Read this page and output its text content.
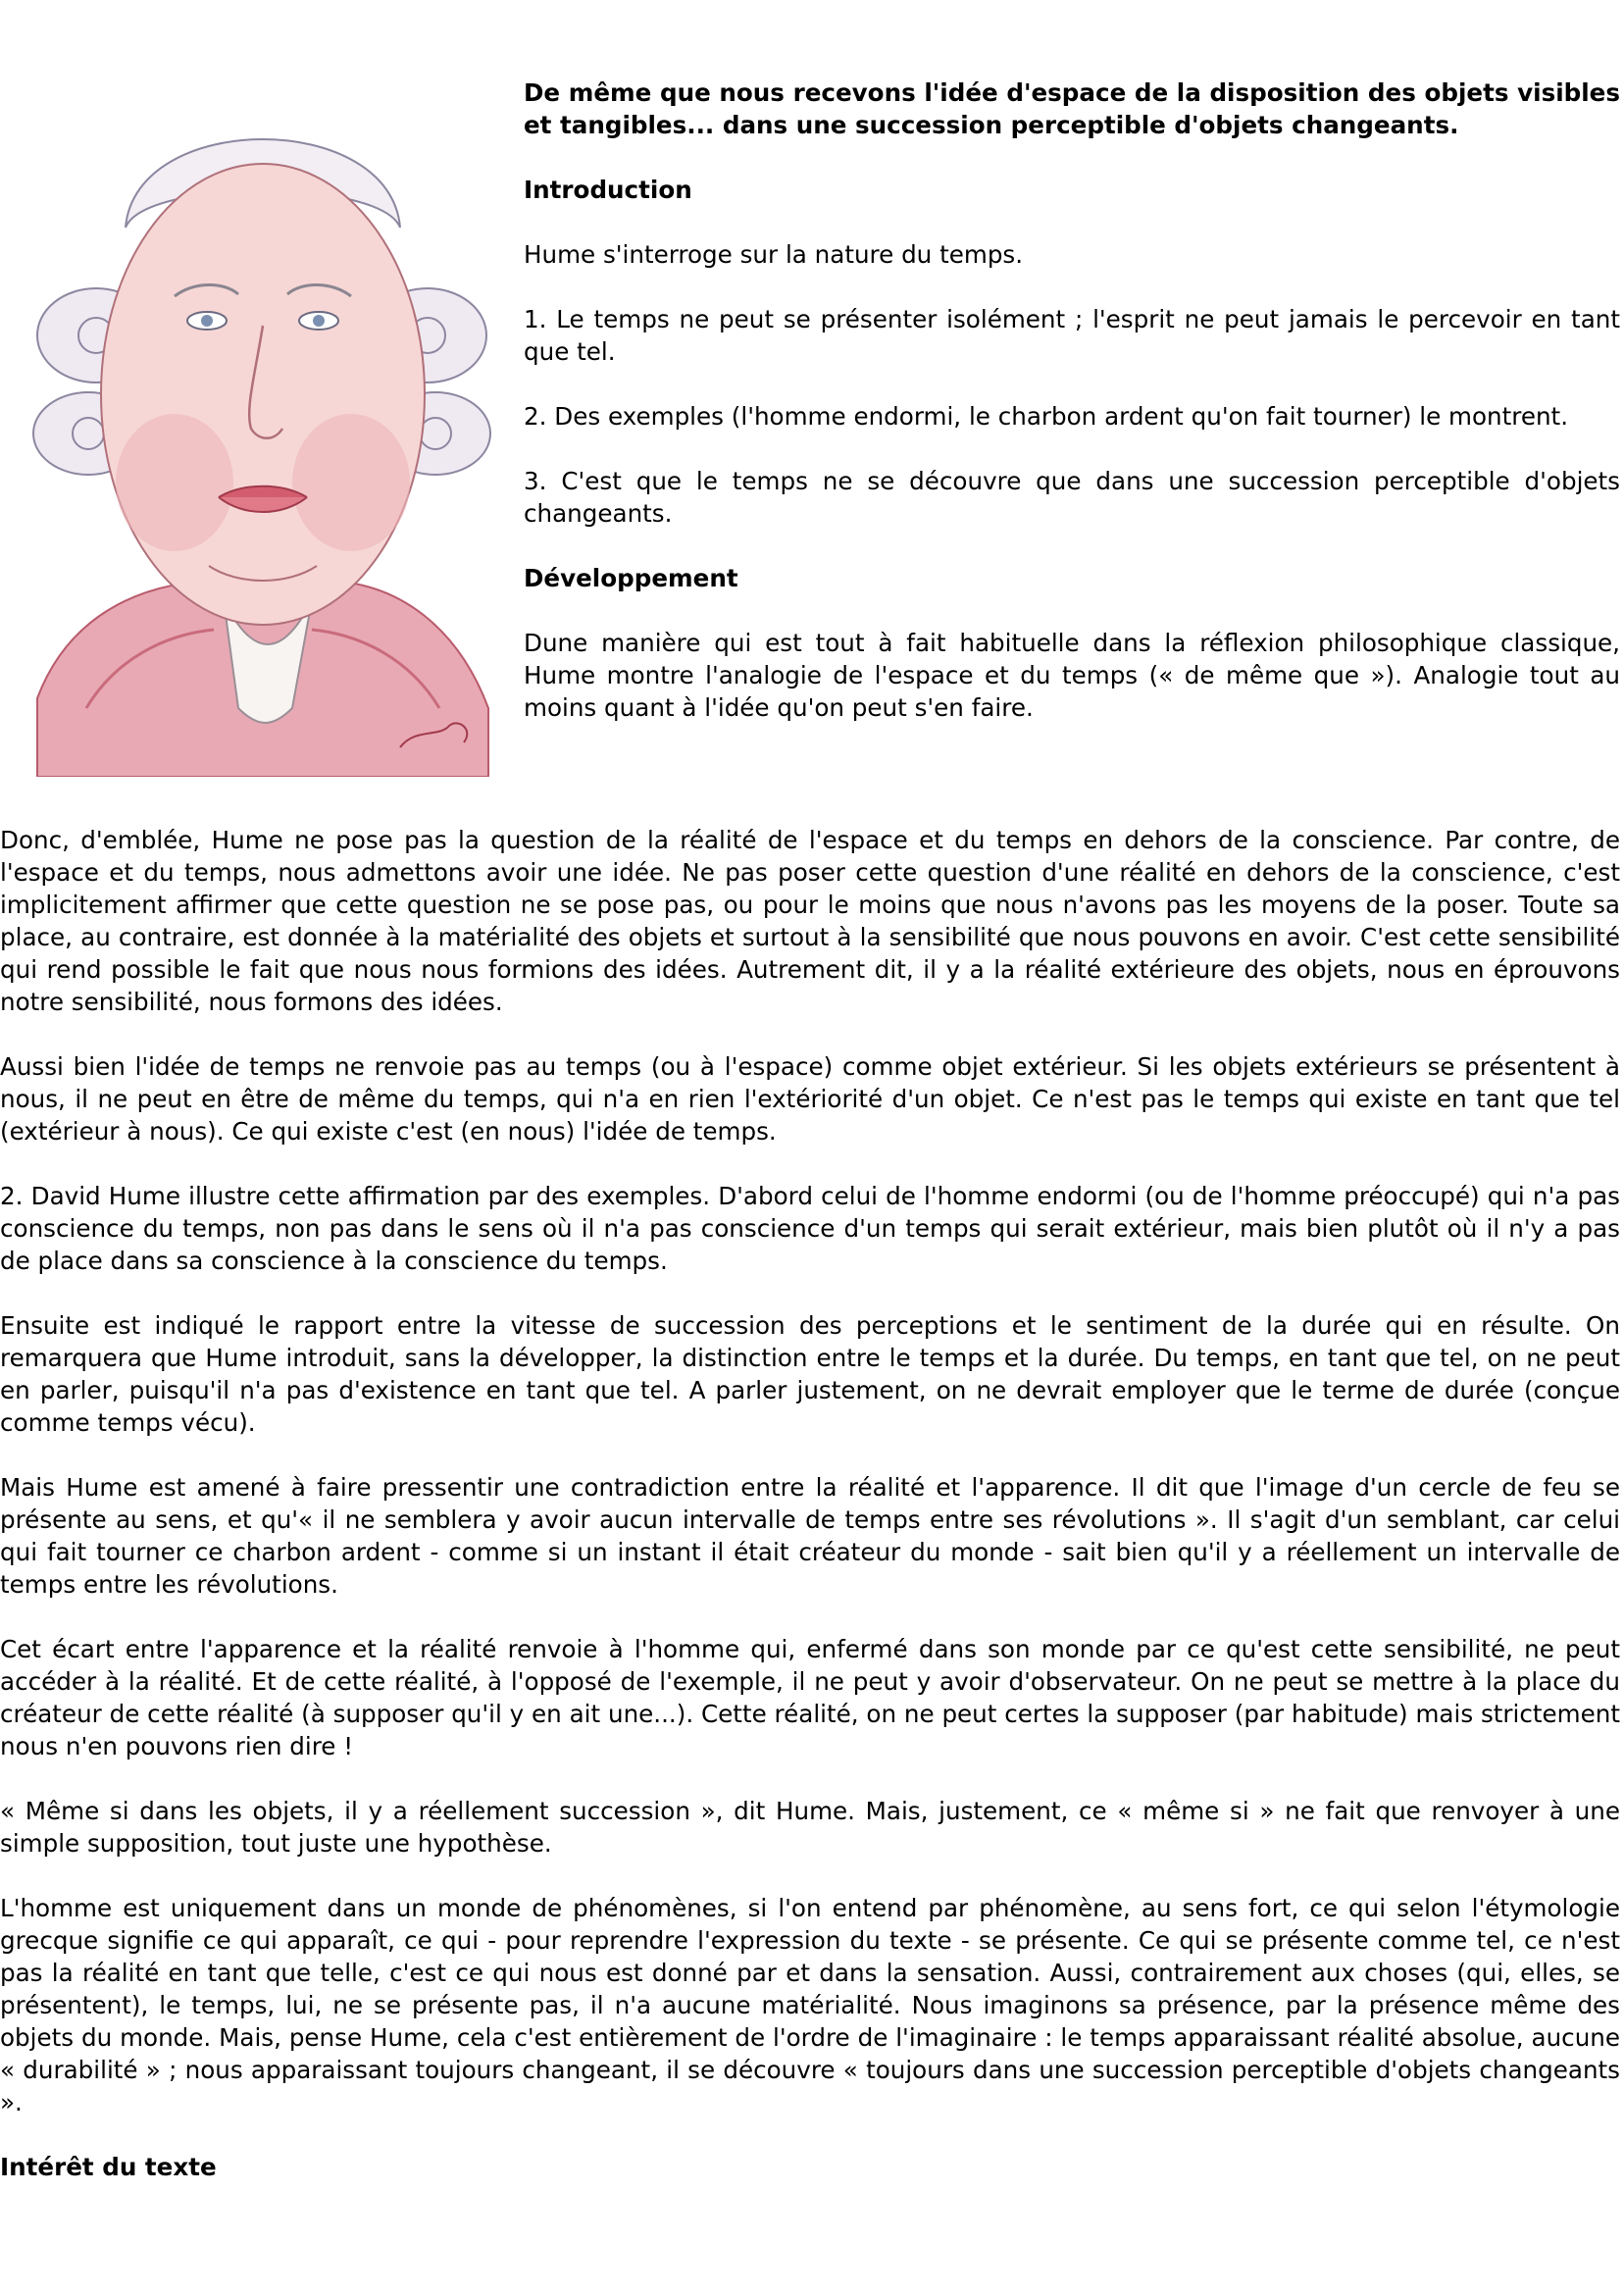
De même que nous recevons l'idée d'espace de la disposition des objets visibles et tangibles... dans une succession perceptible d'objets changeants.

Introduction

Hume s'interroge sur la nature du temps.

1. Le temps ne peut se présenter isolément ; l'esprit ne peut jamais le percevoir en tant que tel.

2. Des exemples (l'homme endormi, le charbon ardent qu'on fait tourner) le montrent.

3. C'est que le temps ne se découvre que dans une succession perceptible d'objets changeants.

Développement

Dune manière qui est tout à fait habituelle dans la réflexion philosophique classique, Hume montre l'analogie de l'espace et du temps (« de même que »). Analogie tout au moins quant à l'idée qu'on peut s'en faire.

Donc, d'emblée, Hume ne pose pas la question de la réalité de l'espace et du temps en dehors de la conscience. Par contre, de l'espace et du temps, nous admettons avoir une idée. Ne pas poser cette question d'une réalité en dehors de la conscience, c'est implicitement affirmer que cette question ne se pose pas, ou pour le moins que nous n'avons pas les moyens de la poser. Toute sa place, au contraire, est donnée à la matérialité des objets et surtout à la sensibilité que nous pouvons en avoir. C'est cette sensibilité qui rend possible le fait que nous nous formions des idées. Autrement dit, il y a la réalité extérieure des objets, nous en éprouvons notre sensibilité, nous formons des idées.

Aussi bien l'idée de temps ne renvoie pas au temps (ou à l'espace) comme objet extérieur. Si les objets extérieurs se présentent à nous, il ne peut en être de même du temps, qui n'a en rien l'extériorité d'un objet. Ce n'est pas le temps qui existe en tant que tel (extérieur à nous). Ce qui existe c'est (en nous) l'idée de temps.

2. David Hume illustre cette affirmation par des exemples. D'abord celui de l'homme endormi (ou de l'homme préoccupé) qui n'a pas conscience du temps, non pas dans le sens où il n'a pas conscience d'un temps qui serait extérieur, mais bien plutôt où il n'y a pas de place dans sa conscience à la conscience du temps.

Ensuite est indiqué le rapport entre la vitesse de succession des perceptions et le sentiment de la durée qui en résulte. On remarquera que Hume introduit, sans la développer, la distinction entre le temps et la durée. Du temps, en tant que tel, on ne peut en parler, puisqu'il n'a pas d'existence en tant que tel. A parler justement, on ne devrait employer que le terme de durée (conçue comme temps vécu).

Mais Hume est amené à faire pressentir une contradiction entre la réalité et l'apparence. Il dit que l'image d'un cercle de feu se présente au sens, et qu'« il ne semblera y avoir aucun intervalle de temps entre ses révolutions ». Il s'agit d'un semblant, car celui qui fait tourner ce charbon ardent - comme si un instant il était créateur du monde - sait bien qu'il y a réellement un intervalle de temps entre les révolutions.

Cet écart entre l'apparence et la réalité renvoie à l'homme qui, enfermé dans son monde par ce qu'est cette sensibilité, ne peut accéder à la réalité. Et de cette réalité, à l'opposé de l'exemple, il ne peut y avoir d'observateur. On ne peut se mettre à la place du créateur de cette réalité (à supposer qu'il y en ait une...). Cette réalité, on ne peut certes la supposer (par habitude) mais strictement nous n'en pouvons rien dire !

« Même si dans les objets, il y a réellement succession », dit Hume. Mais, justement, ce « même si » ne fait que renvoyer à une simple supposition, tout juste une hypothèse.

L'homme est uniquement dans un monde de phénomènes, si l'on entend par phénomène, au sens fort, ce qui selon l'étymologie grecque signifie ce qui apparaît, ce qui - pour reprendre l'expression du texte - se présente. Ce qui se présente comme tel, ce n'est pas la réalité en tant que telle, c'est ce qui nous est donné par et dans la sensation. Aussi, contrairement aux choses (qui, elles, se présentent), le temps, lui, ne se présente pas, il n'a aucune matérialité. Nous imaginons sa présence, par la présence même des objets du monde. Mais, pense Hume, cela c'est entièrement de l'ordre de l'imaginaire : le temps apparaissant réalité absolue, aucune « durabilité » ; nous apparaissant toujours changeant, il se découvre « toujours dans une succession perceptible d'objets changeants ».

Intérêt du texte
